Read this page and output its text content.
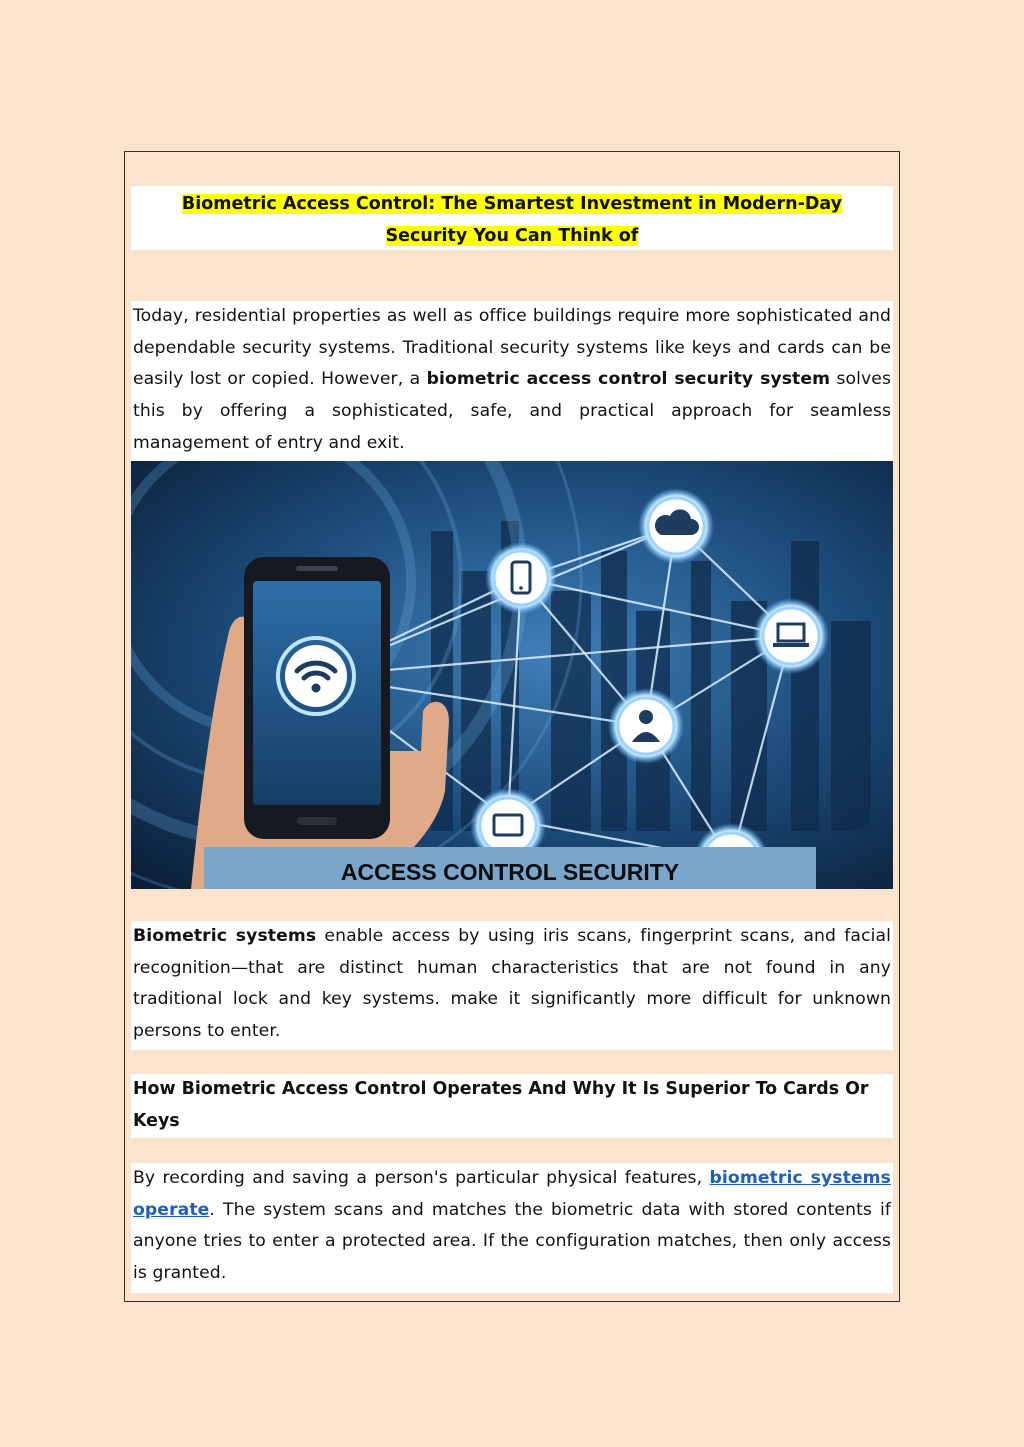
Biometric Access Control: The Smartest Investment in Modern-Day
Security You Can Think of

Today, residential properties as well as office buildings require more sophisticated and dependable security systems. Traditional security systems like keys and cards can be easily lost or copied. However, a biometric access control security system solves this by offering a sophisticated, safe, and practical approach for seamless management of entry and exit.

ACCESS CONTROL SECURITY

Biometric systems enable access by using iris scans, fingerprint scans, and facial recognition—that are distinct human characteristics that are not found in any traditional lock and key systems. make it significantly more difficult for unknown persons to enter.

How Biometric Access Control Operates And Why It Is Superior To Cards Or Keys

By recording and saving a person's particular physical features, biometric systems operate. The system scans and matches the biometric data with stored contents if anyone tries to enter a protected area. If the configuration matches, then only access is granted.
